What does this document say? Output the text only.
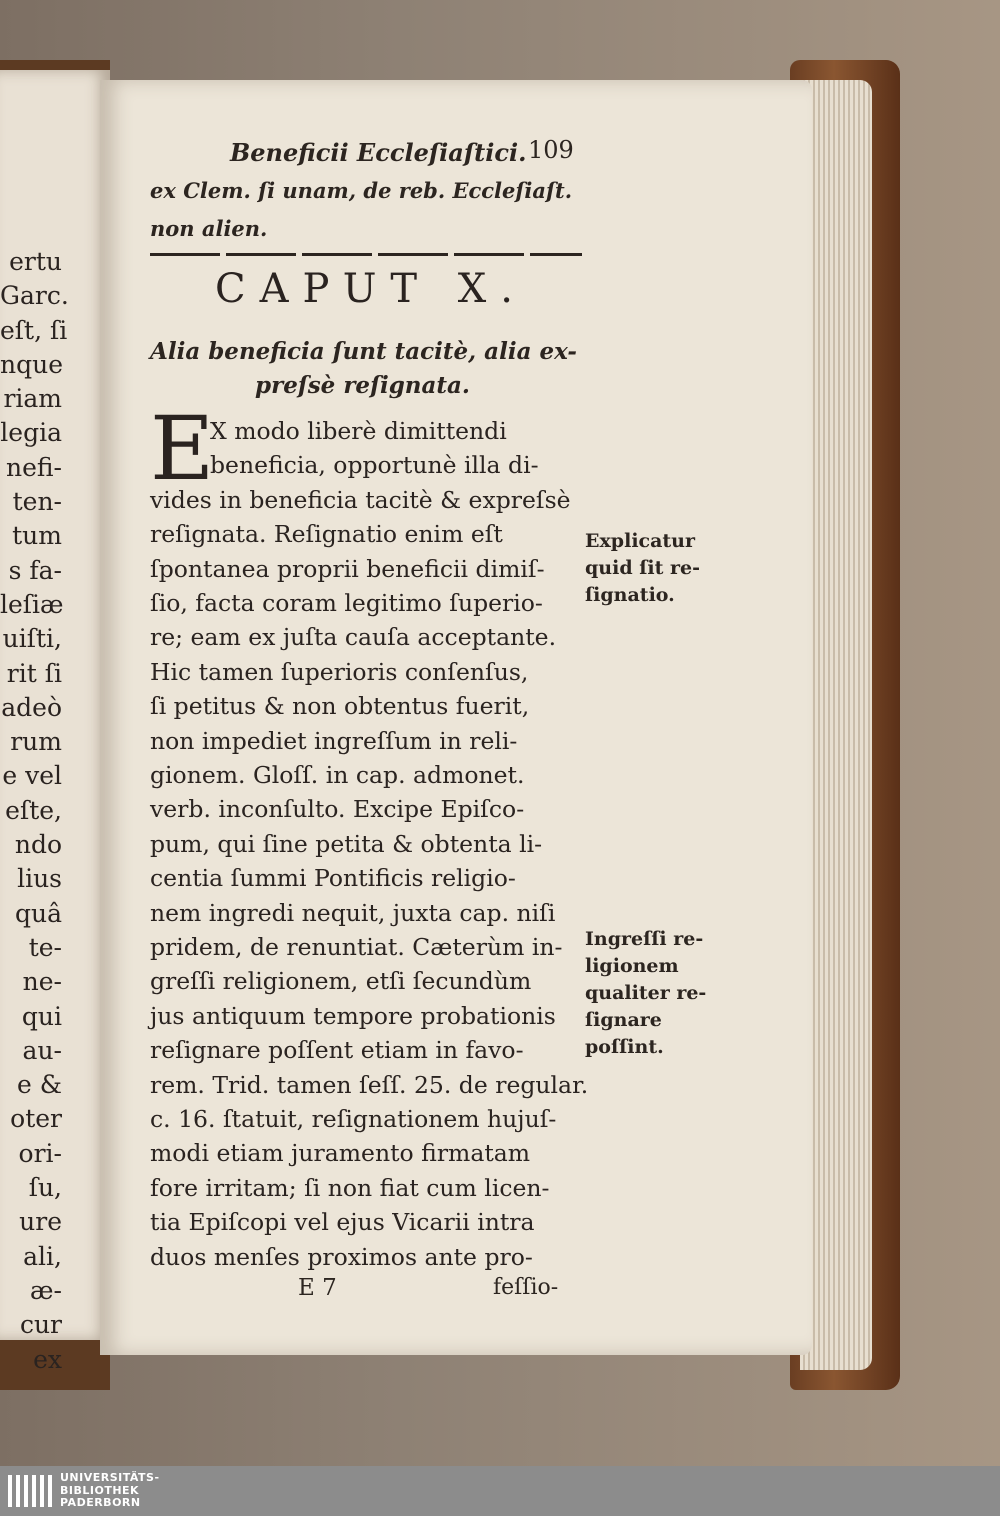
ertu
Garc.
eſt, ſi
nque
riam
legia
nefi-
ten-
tum
s fa-
leſiæ
uiſti,
rit ſi
adeò
rum
e vel
eſte,
ndo
lius
quâ
te-
ne-
qui
au-
e &
oter
ori-
ſu,
ure
ali,
æ-
cur
ex
Beneficii Eccleſiaſtici. 109
ex Clem. ſi unam, de reb. Eccleſiaſt.
non alien.
CAPUT X.
Alia beneficia ſunt tacitè, alia ex-
preſsè reſignata.
E
X modo liberè dimittendi
beneficia, opportunè illa di-
vides in beneficia tacitè & expreſsè
reſignata. Reſignatio enim eſt
ſpontanea proprii beneficii dimiſ-
ſio, facta coram legitimo ſuperio-
re; eam ex juſta cauſa acceptante.
Hic tamen ſuperioris conſenſus,
ſi petitus & non obtentus fuerit,
non impediet ingreſſum in reli-
gionem. Gloſſ. in cap. admonet.
verb. inconſulto. Excipe Epiſco-
pum, qui ſine petita & obtenta li-
centia ſummi Pontificis religio-
nem ingredi nequit, juxta cap. niſi
pridem, de renuntiat. Cæterùm in-
greſſi religionem, etſi ſecundùm
jus antiquum tempore probationis
reſignare poſſent etiam in favo-
rem. Trid. tamen ſeſſ. 25. de regular.
c. 16. ſtatuit, reſignationem hujuſ-
modi etiam juramento firmatam
fore irritam; ſi non fiat cum licen-
tia Epiſcopi vel ejus Vicarii intra
duos menſes proximos ante pro-
Explicatur
quid ſit re-
ſignatio.
Ingreſſi re-
ligionem
qualiter re-
ſignare
poſſint.
E 7	feſſio-
UNIVERSITÄTS-
BIBLIOTHEK
PADERBORN
